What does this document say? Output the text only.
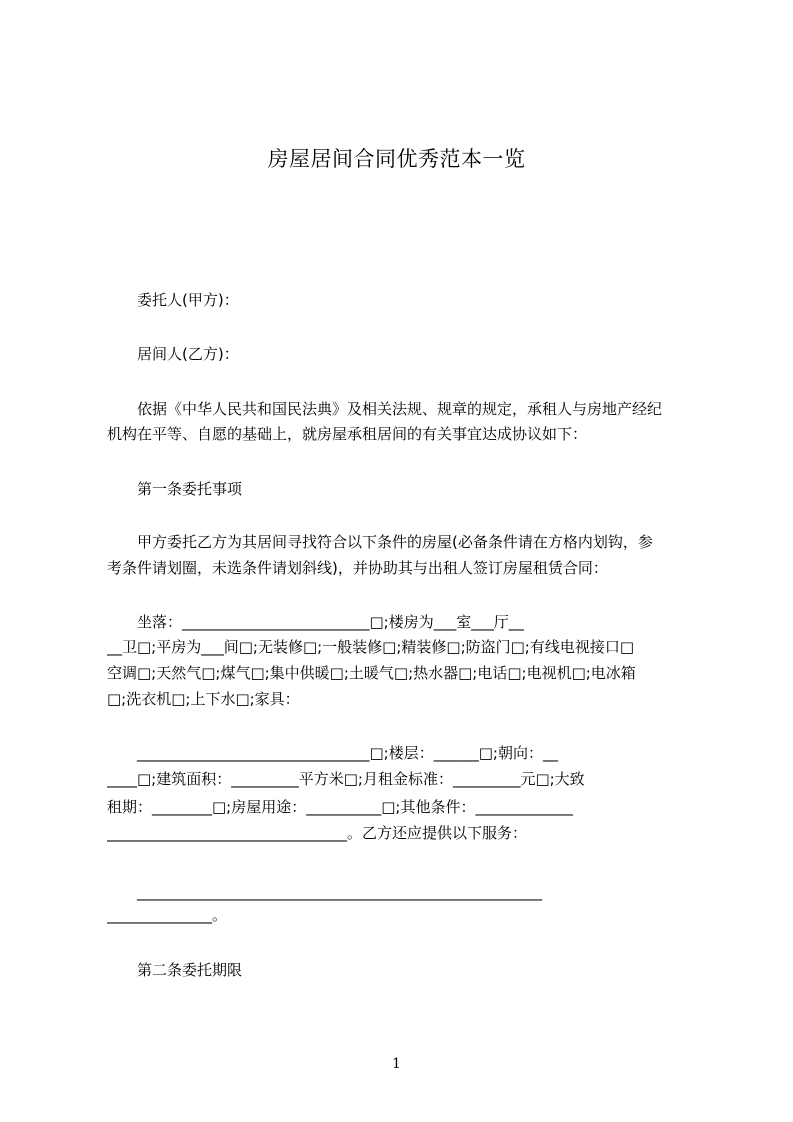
房屋居间合同优秀范本一览
委托人(甲方)：
居间人(乙方)：
依据《中华人民共和国民法典》及相关法规、规章的规定，承租人与房地产经纪
机构在平等、自愿的基础上，就房屋承租居间的有关事宜达成协议如下：
第一条委托事项
甲方委托乙方为其居间寻找符合以下条件的房屋(必备条件请在方格内划钩，参
考条件请划圈，未选条件请划斜线)，并协助其与出租人签订房屋租赁合同：
坐落：_________________________□;楼房为___室___厅__
__卫□;平房为___间□;无装修□;一般装修□;精装修□;防盗门□;有线电视接口□
空调□;天然气□;煤气□;集中供暖□;土暖气□;热水器□;电话□;电视机□;电冰箱
□;洗衣机□;上下水□;家具：
_______________________________□;楼层：______□;朝向：__
____□;建筑面积：_________平方米□;月租金标准：_________元□;大致
租期：________□;房屋用途：__________□;其他条件：_____________
________________________________。乙方还应提供以下服务：
______________________________________________________
______________。
第二条委托期限
1
